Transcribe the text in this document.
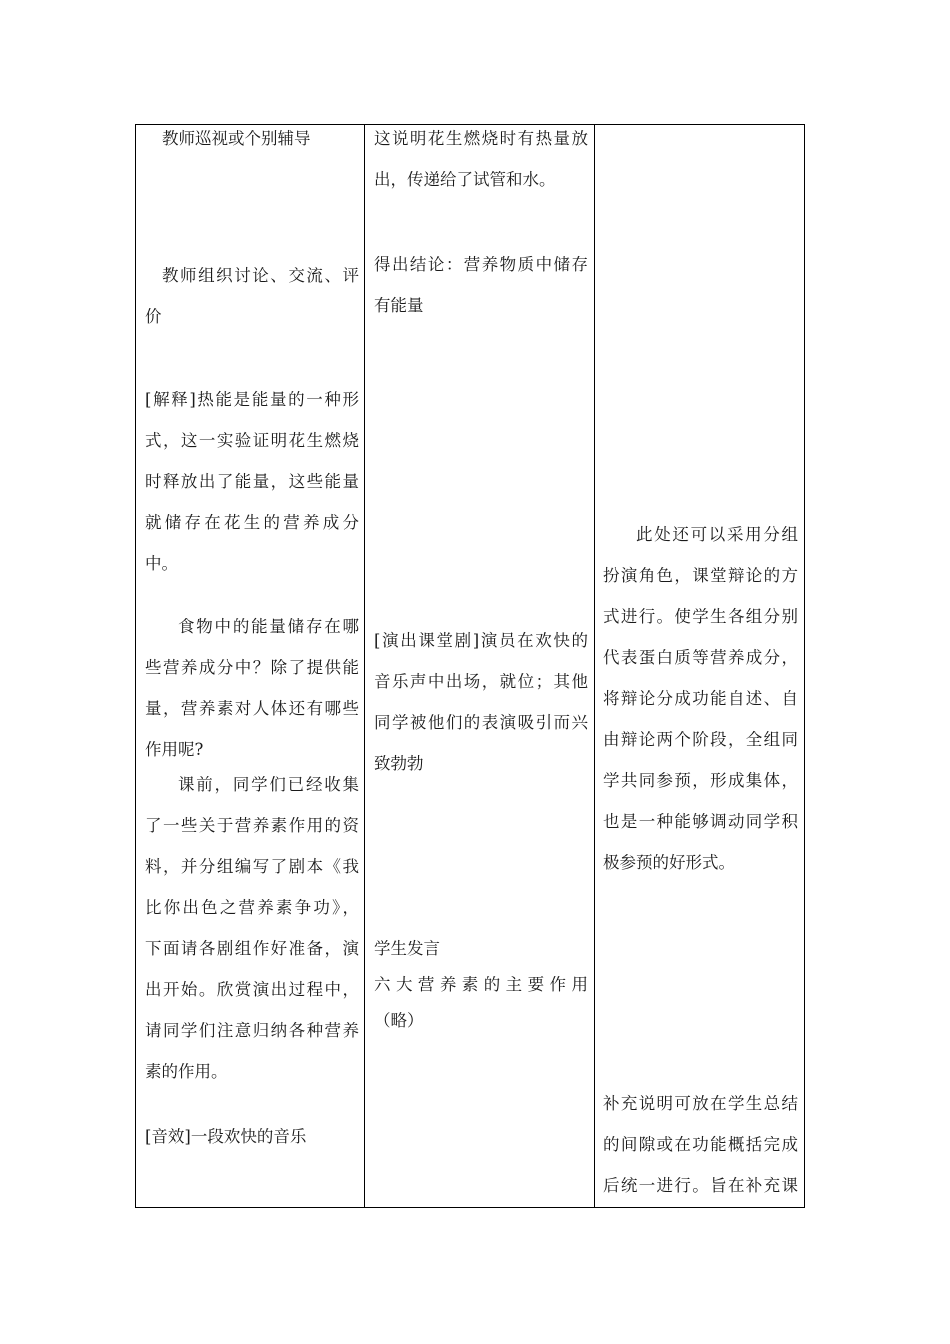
教师巡视或个别辅导
教师组织讨论、交流、评
价
[解释]热能是能量的一种形
式，这一实验证明花生燃烧
时释放出了能量，这些能量
就储存在花生的营养成分
中。
食物中的能量储存在哪
些营养成分中？除了提供能
量，营养素对人体还有哪些
作用呢?
课前，同学们已经收集
了一些关于营养素作用的资
料，并分组编写了剧本《我
比你出色之营养素争功》，
下面请各剧组作好准备，演
出开始。欣赏演出过程中，
请同学们注意归纳各种营养
素的作用。
[音效]一段欢快的音乐
这说明花生燃烧时有热量放
出，传递给了试管和水。
得出结论：营养物质中储存
有能量
[演出课堂剧]演员在欢快的
音乐声中出场，就位；其他
同学被他们的表演吸引而兴
致勃勃
学生发言
六大营养素的主要作用
（略）
此处还可以采用分组
扮演角色，课堂辩论的方
式进行。使学生各组分别
代表蛋白质等营养成分，
将辩论分成功能自述、自
由辩论两个阶段，全组同
学共同参预，形成集体，
也是一种能够调动同学积
极参预的好形式。
补充说明可放在学生总结
的间隙或在功能概括完成
后统一进行。旨在补充课
